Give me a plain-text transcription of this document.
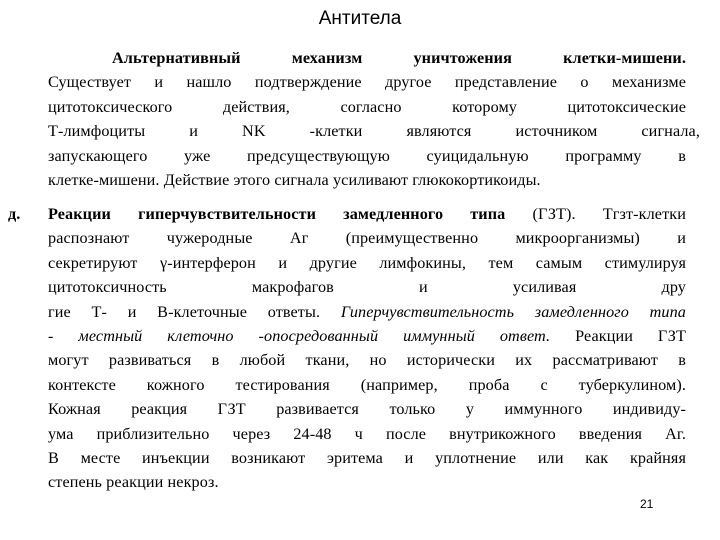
Антитела
Альтернативный механизм уничтожения клетки-мишени.
Существует и нашло подтверждение другое представление о механизме
цитотоксического действия, согласно которому цитотоксические
Т-лимфоциты и NK -клетки являются источником сигнала,
запускающего уже предсуществующую суицидальную программу в
клетке-мишени. Действие этого сигнала усиливают глюкокортикоиды.
д. Реакции гиперчувствительности замедленного типа (ГЗТ). Тгзт-клетки
распознают чужеродные Аг (преимущественно микроорганизмы) и
секретируют γ-интерферон и другие лимфокины, тем самым стимулируя
цитотоксичность макрофагов и усиливая дру
гие Т- и В-клеточные ответы. Гиперчувствительность замедленного типа
- местный клеточно -опосредованный иммунный ответ. Реакции ГЗТ
могут развиваться в любой ткани, но исторически их рассматривают в
контексте кожного тестирования (например, проба с туберкулином).
Кожная реакция ГЗТ развивается только у иммунного индивиду-
ума приблизительно через 24-48 ч после внутрикожного введения Аг.
В месте инъекции возникают эритема и уплотнение или как крайняя
степень реакции некроз.
21
